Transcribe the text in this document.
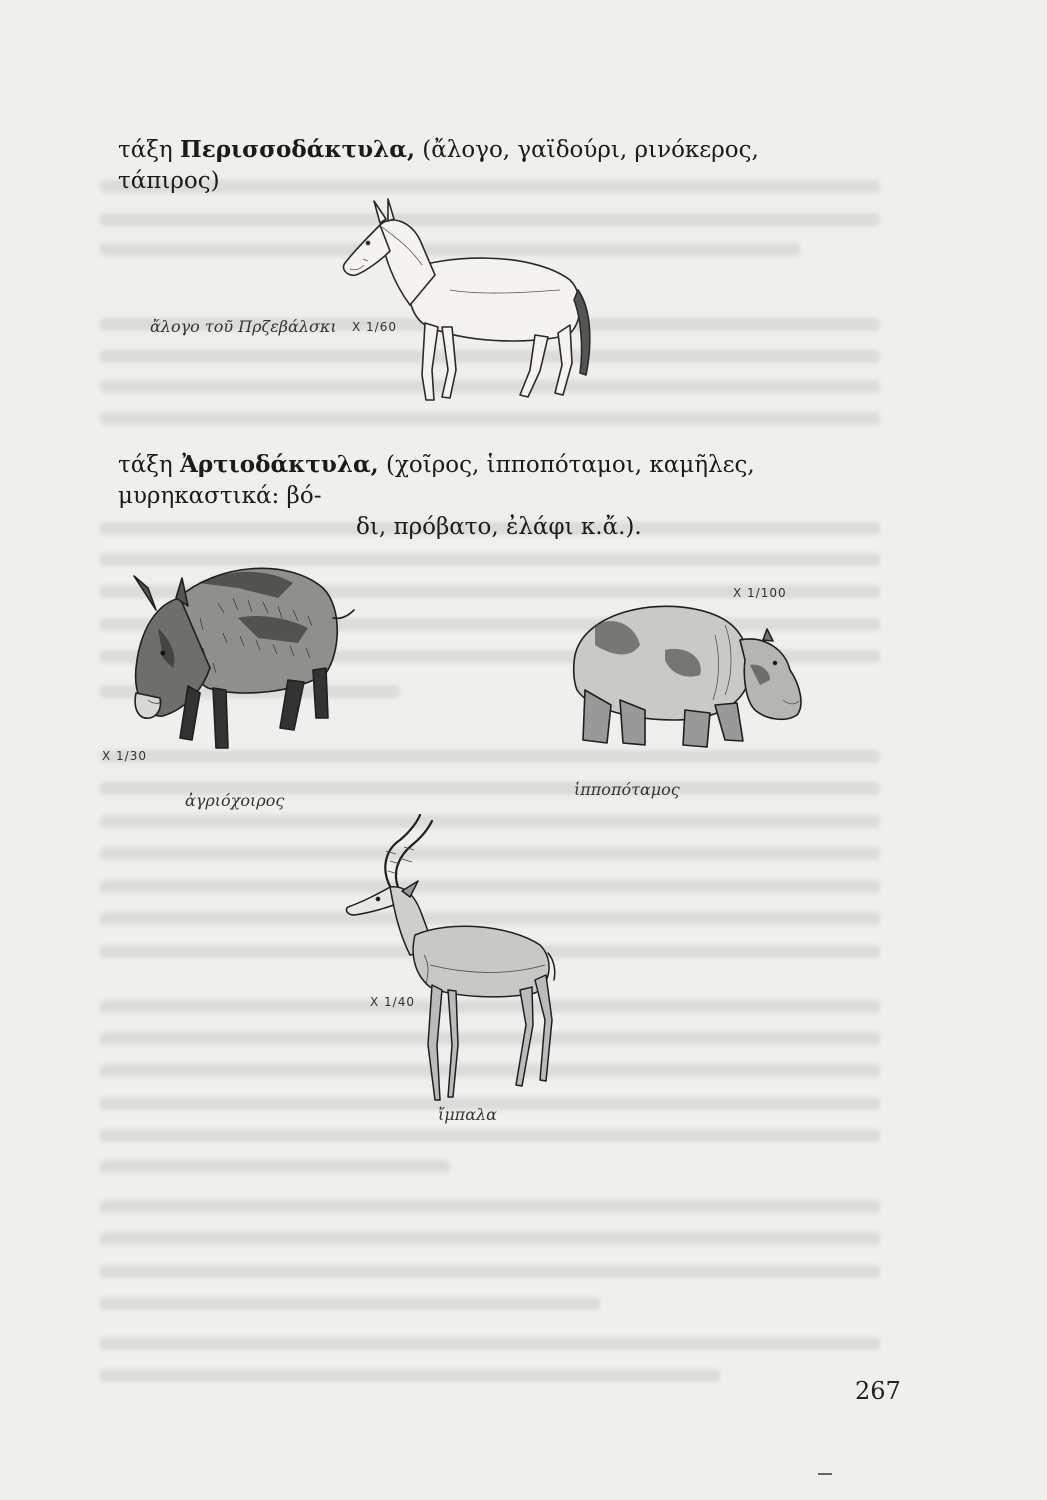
τάξη Περισσοδάκτυλα, (ἄλογο, γαϊδούρι, ρινόκερος, τάπιρος)
ἄλογο τοῦ Πρζεβάλσκι X 1/60
τάξη Ἀρτιοδάκτυλα, (χοῖρος, ἱπποπόταμοι, καμῆλες, μυρηκαστικά: βό-
δι, πρόβατο, ἐλάφι κ.ἄ.).
X 1/30
ἀγριόχοιρος
X 1/100
ἱπποπόταμος
X 1/40
ἴμπαλα
267
